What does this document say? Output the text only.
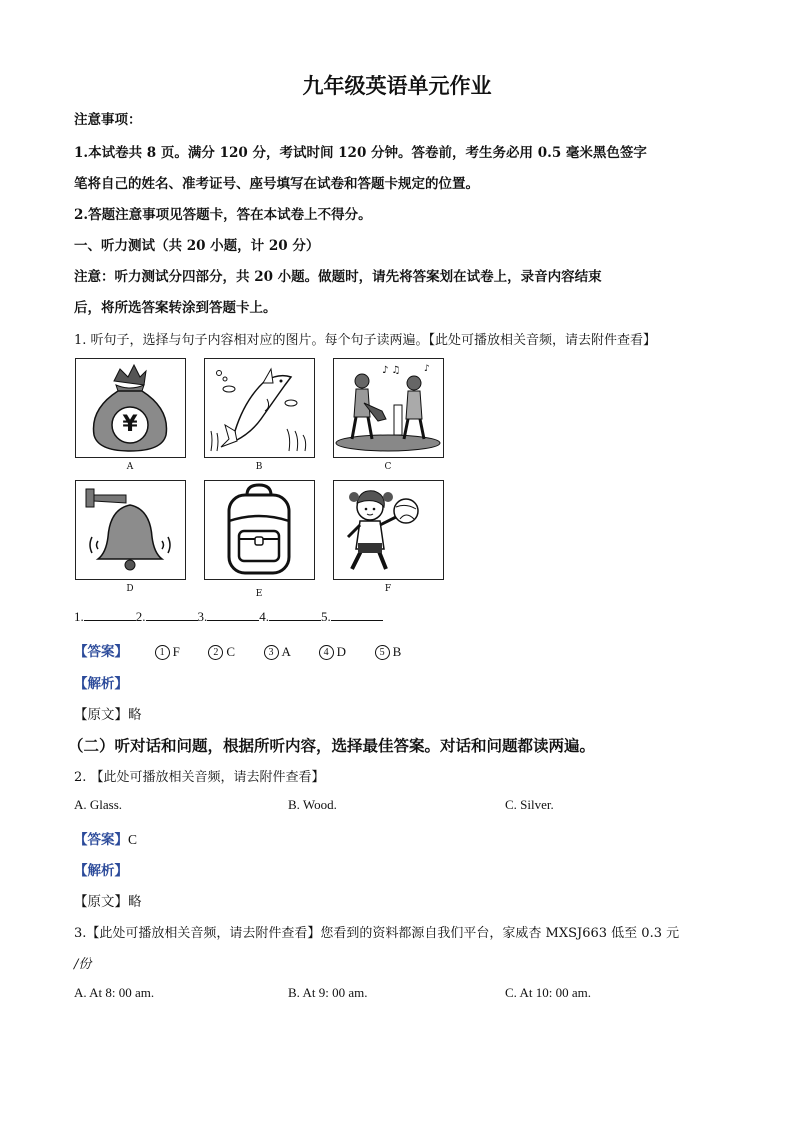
九年级英语单元作业
注意事项：
1.本试卷共 8 页。满分 120 分，考试时间 120 分钟。答卷前，考生务必用 0.5 毫米黑色签字
笔将自己的姓名、准考证号、座号填写在试卷和答题卡规定的位置。
2.答题注意事项见答题卡，答在本试卷上不得分。
一、听力测试（共 20 小题，计 20 分）
注意：听力测试分四部分，共 20 小题。做题时，请先将答案划在试卷上，录音内容结束
后，将所选答案转涂到答题卡上。
1. 听句子，选择与句子内容相对应的图片。每个句子读两遍。【此处可播放相关音频，请去附件查看】
¥
A	B
♪ ♫	♪
C
D	E	F
1.	2.	3.	4.	5.
【答案】	1 F	2 C	3 A	4 D	5 B
【解析】
【原文】略
（二）听对话和问题，根据所听内容，选择最佳答案。对话和问题都读两遍。
2. 【此处可播放相关音频，请去附件查看】
A. Glass.	B. Wood.	C. Silver.
【答案】C
【解析】
【原文】略
3.【此处可播放相关音频，请去附件查看】您看到的资料都源自我们平台，家威杏 MXSJ663 低至 0.3 元
/份
A. At 8: 00 am.	B. At 9: 00 am.	C. At 10: 00 am.
